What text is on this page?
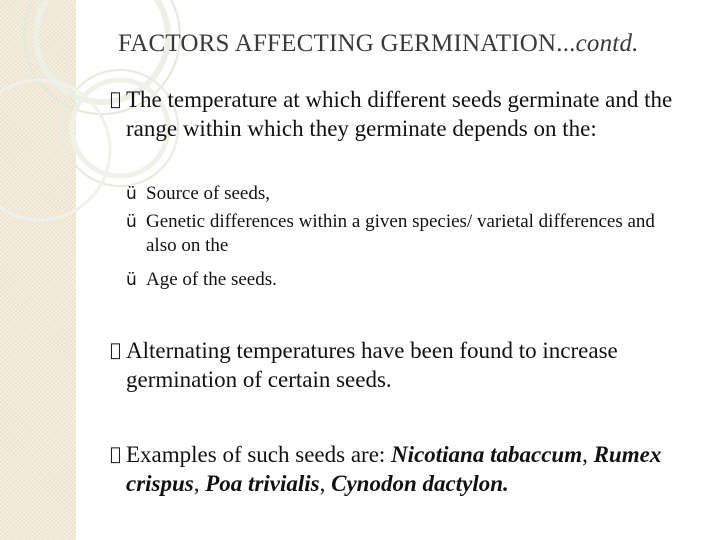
FACTORS AFFECTING GERMINATION...contd.
  The temperature at which different seeds germinate and the range within which they germinate depends on the:
ü Source of seeds,
ü Genetic differences within a given species/ varietal differences and also on the
ü Age of the seeds.
  Alternating temperatures have been found to increase germination of certain seeds.
  Examples of such seeds are: Nicotiana tabaccum, Rumex crispus, Poa trivialis, Cynodon dactylon.
